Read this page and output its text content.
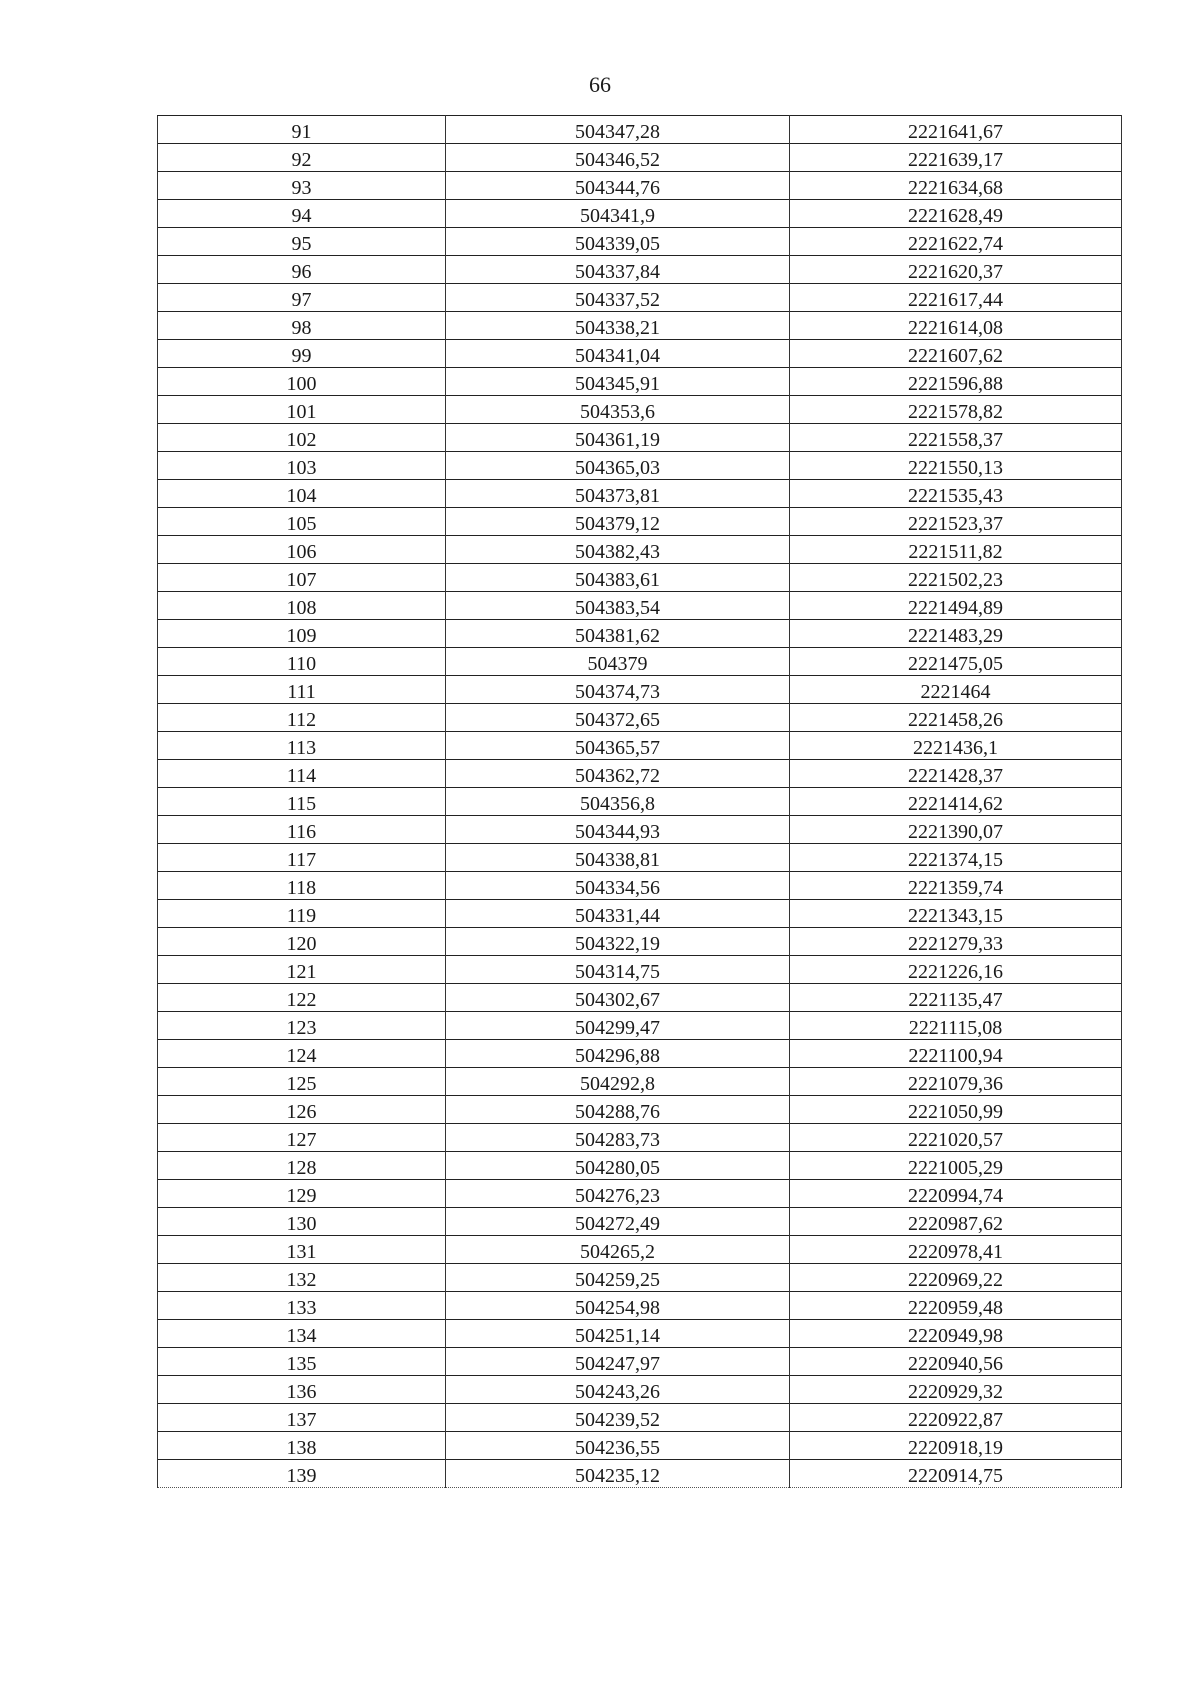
66
91	504347,28	2221641,67
92	504346,52	2221639,17
93	504344,76	2221634,68
94	504341,9	2221628,49
95	504339,05	2221622,74
96	504337,84	2221620,37
97	504337,52	2221617,44
98	504338,21	2221614,08
99	504341,04	2221607,62
100	504345,91	2221596,88
101	504353,6	2221578,82
102	504361,19	2221558,37
103	504365,03	2221550,13
104	504373,81	2221535,43
105	504379,12	2221523,37
106	504382,43	2221511,82
107	504383,61	2221502,23
108	504383,54	2221494,89
109	504381,62	2221483,29
110	504379	2221475,05
111	504374,73	2221464
112	504372,65	2221458,26
113	504365,57	2221436,1
114	504362,72	2221428,37
115	504356,8	2221414,62
116	504344,93	2221390,07
117	504338,81	2221374,15
118	504334,56	2221359,74
119	504331,44	2221343,15
120	504322,19	2221279,33
121	504314,75	2221226,16
122	504302,67	2221135,47
123	504299,47	2221115,08
124	504296,88	2221100,94
125	504292,8	2221079,36
126	504288,76	2221050,99
127	504283,73	2221020,57
128	504280,05	2221005,29
129	504276,23	2220994,74
130	504272,49	2220987,62
131	504265,2	2220978,41
132	504259,25	2220969,22
133	504254,98	2220959,48
134	504251,14	2220949,98
135	504247,97	2220940,56
136	504243,26	2220929,32
137	504239,52	2220922,87
138	504236,55	2220918,19
139	504235,12	2220914,75
